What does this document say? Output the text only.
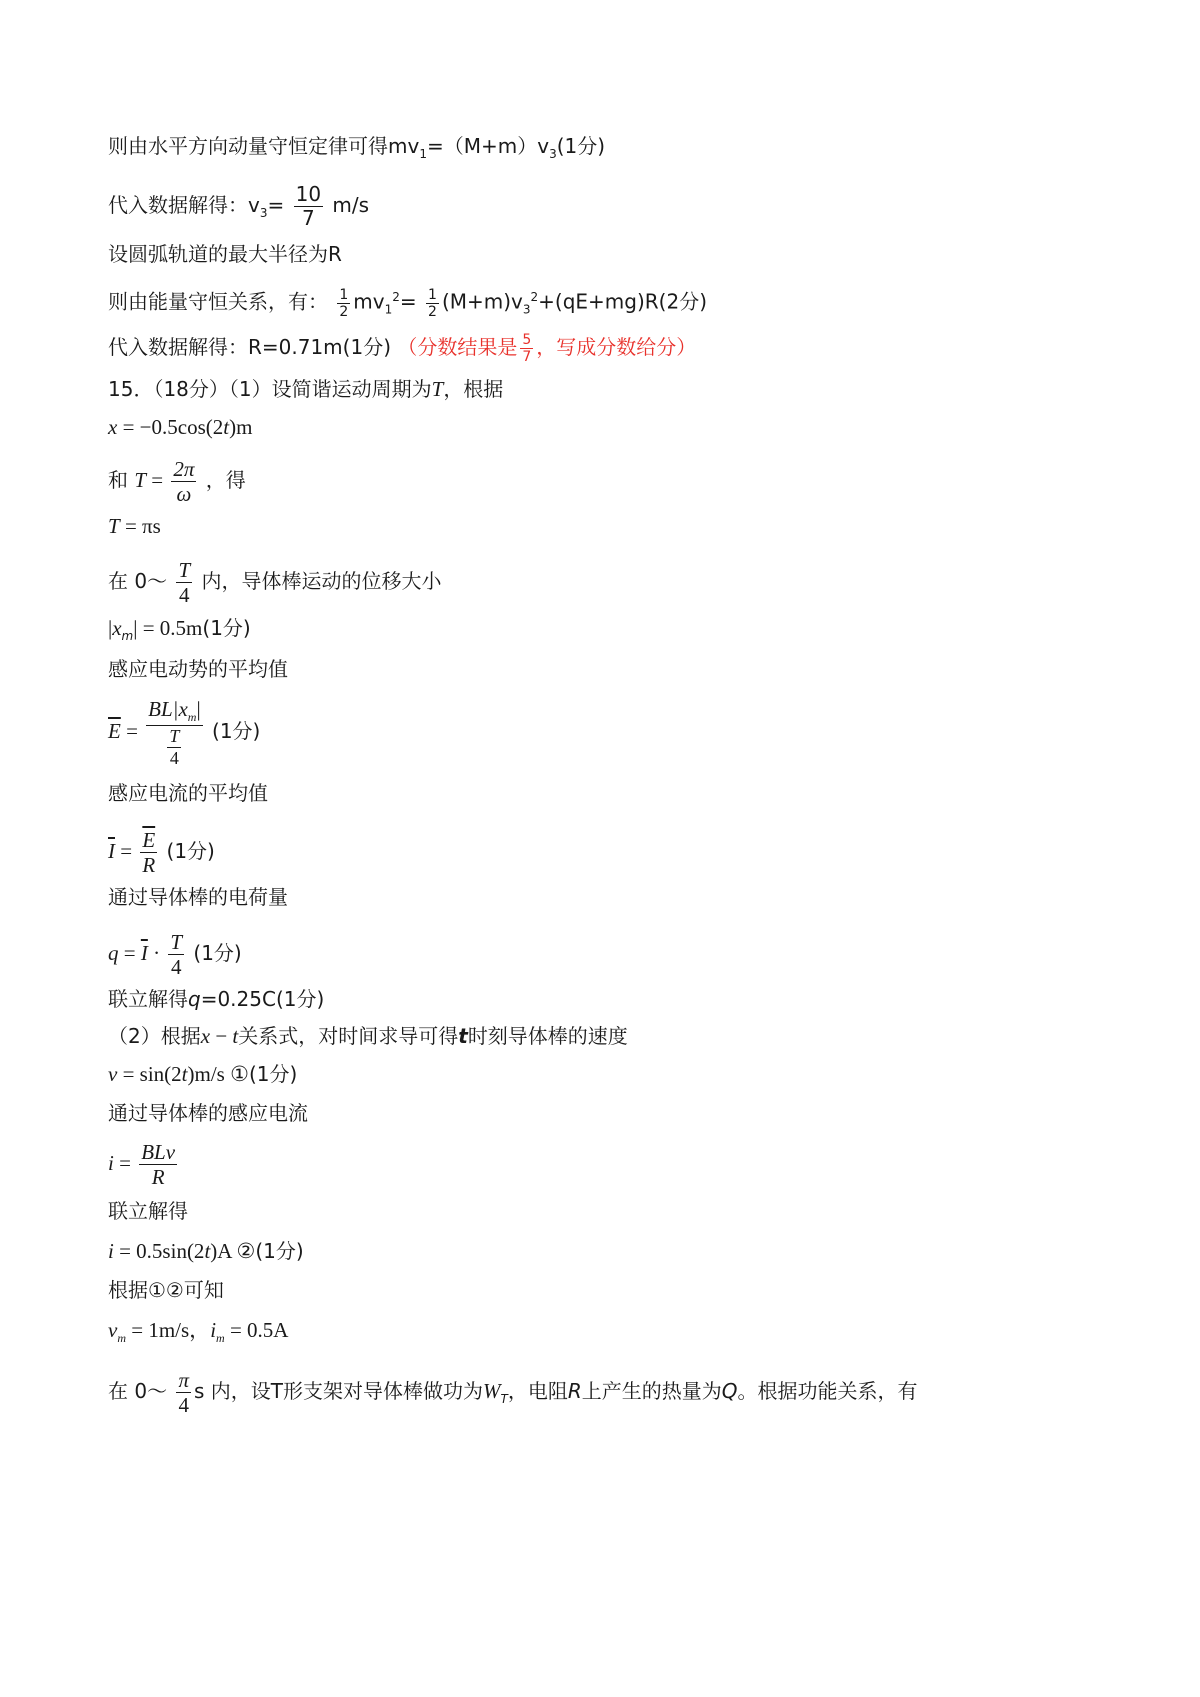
则由水平方向动量守恒定律可得$mv_1=(M+m)v_3(1$分)
代入数据解得：$v_3= \frac{10}{7} m/s$
设圆弧轨道的最大半径为R
则由能量守恒关系，有： $\frac{1}{2} mv_1^2= \frac{1}{2} (M+m)v_3^2+(qE+mg)R(2$分)
代入数据解得：R=0.71m(1分) （分数结果是 $\frac{5}{7}$ ，写成分数给分）
15．（18分）（1）设简谐运动周期为T，根据
x = −0.5cos(2t)m
和 $T = \frac{2\pi}{\omega}$ ，得
T = πs
在 0～ $\frac{T}{4}$ 内，导体棒运动的位移大小
$|x_m| = 0.5m(1$分)
感应电动势的平均值
$\overline{E} = \frac{BL|x_m|}{\frac{T}{4}} (1$分)
感应电流的平均值
$\overline{I} = \frac{\overline{E}}{R} (1$分)
通过导体棒的电荷量
$q = \overline{I} \cdot \frac{T}{4} (1$分)
联立解得q=0.25C(1分)
（2）根据x − t关系式，对时间求导可得t时刻导体棒的速度
v = sin(2t)m/s ①(1分)
通过导体棒的感应电流
$i = \frac{\text{BLv}}{R}$
联立解得
i = 0.5sin(2t)A ②(1分)
根据①②可知
$v_m = 1m/s$，$i_m = 0.5A$
在 0～ $\frac{\pi}{4}$ s 内，设T形支架对导体棒做功为$W_T$，电阻R上产生的热量为Q。根据功能关系，有
